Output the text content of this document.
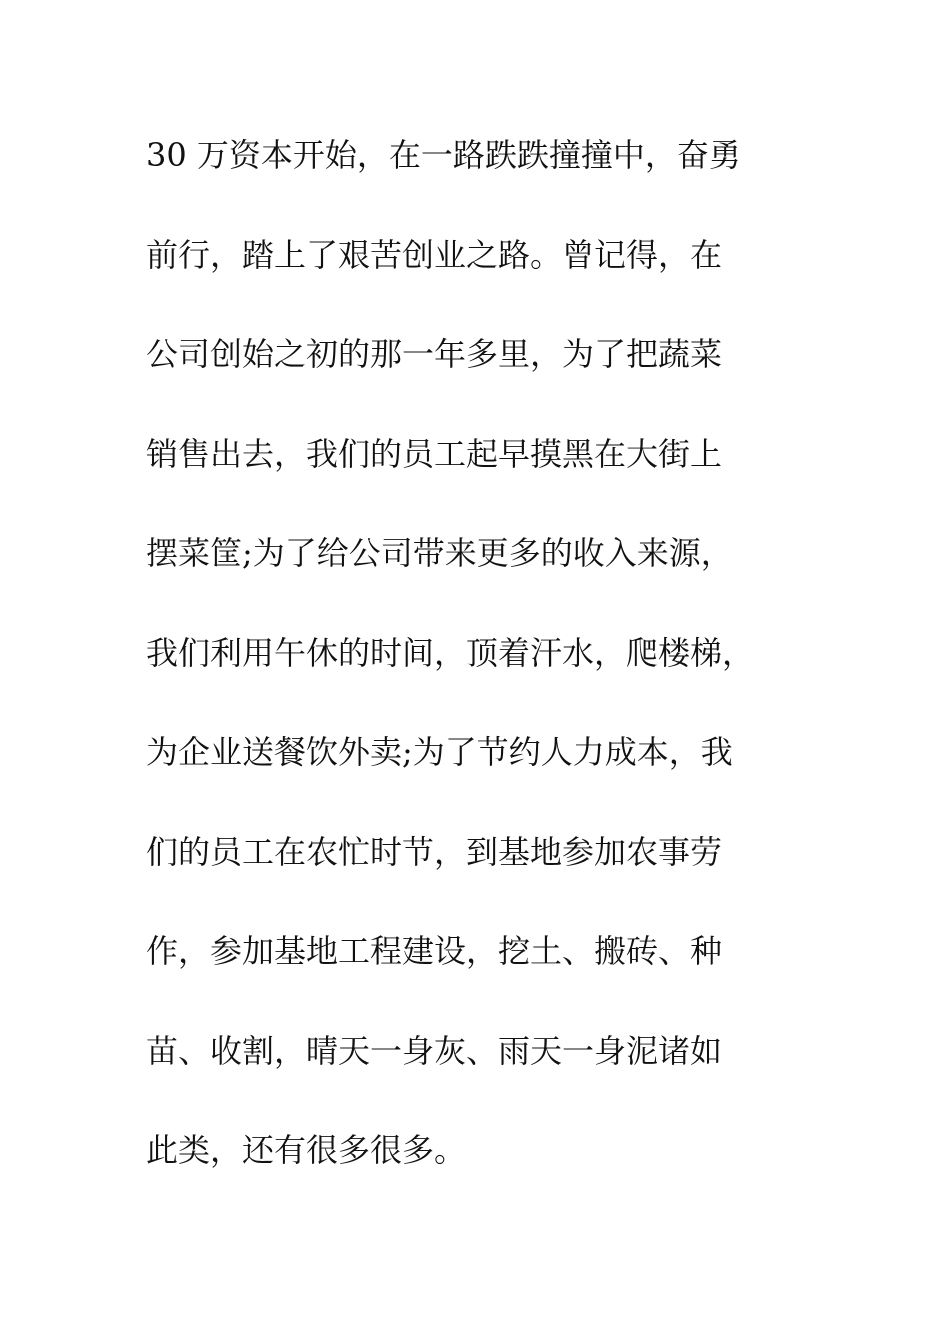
30 万资本开始，在一路跌跌撞撞中，奋勇
前行，踏上了艰苦创业之路。曾记得，在
公司创始之初的那一年多里，为了把蔬菜
销售出去，我们的员工起早摸黑在大街上
摆菜筐;为了给公司带来更多的收入来源，
我们利用午休的时间，顶着汗水，爬楼梯，
为企业送餐饮外卖;为了节约人力成本，我
们的员工在农忙时节，到基地参加农事劳
作，参加基地工程建设，挖土、搬砖、种
苗、收割，晴天一身灰、雨天一身泥诸如
此类，还有很多很多。
